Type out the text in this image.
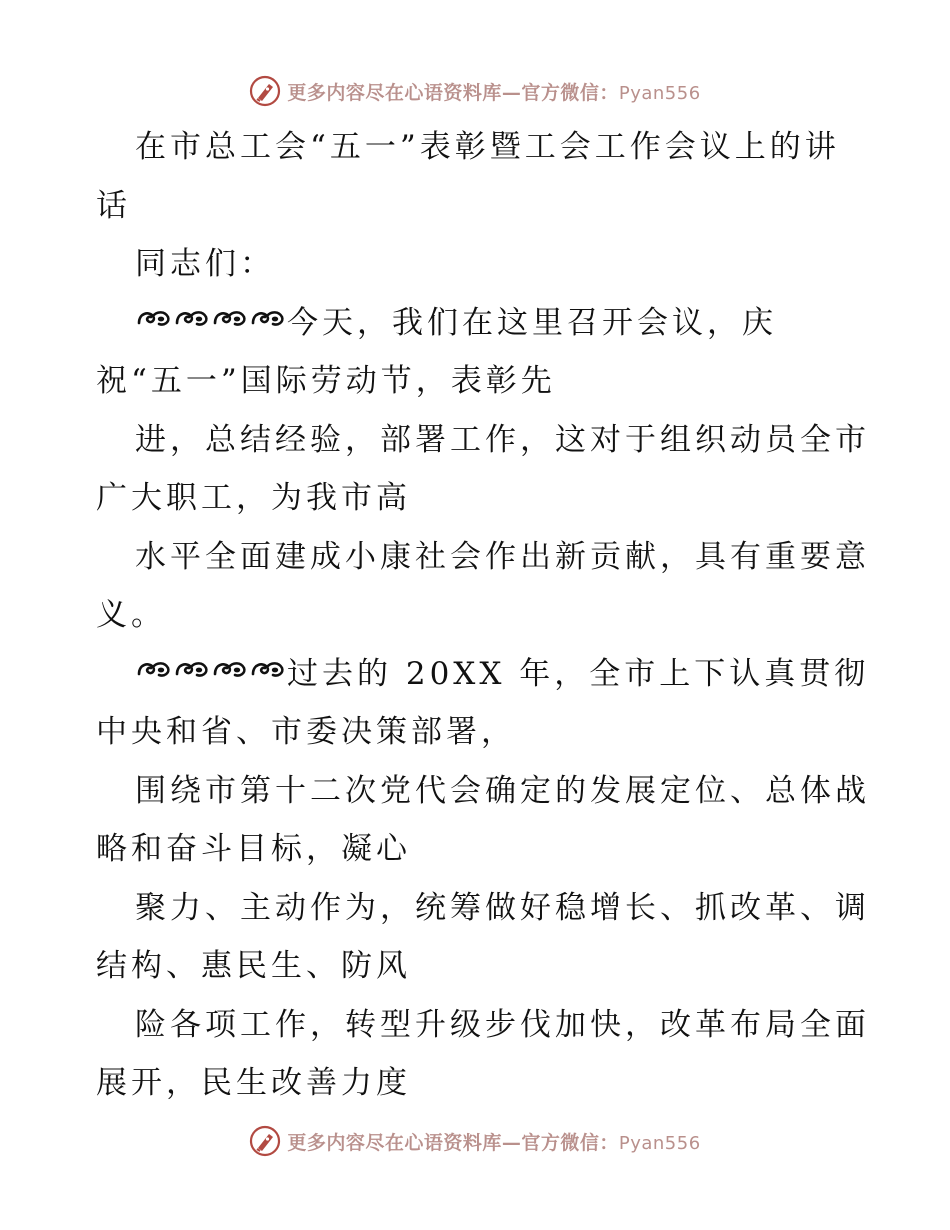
更多内容尽在心语资料库—官方微信：Pyan556
在市总工会“五一”表彰暨工会工作会议上的讲
话
同志们：
今天，我们在这里召开会议，庆
祝“五一”国际劳动节，表彰先
进，总结经验，部署工作，这对于组织动员全市
广大职工，为我市高
水平全面建成小康社会作出新贡献，具有重要意
义。
过去的 20XX 年，全市上下认真贯彻
中央和省、市委决策部署，
围绕市第十二次党代会确定的发展定位、总体战
略和奋斗目标，凝心
聚力、主动作为，统筹做好稳增长、抓改革、调
结构、惠民生、防风
险各项工作，转型升级步伐加快，改革布局全面
展开，民生改善力度
更多内容尽在心语资料库—官方微信：Pyan556
